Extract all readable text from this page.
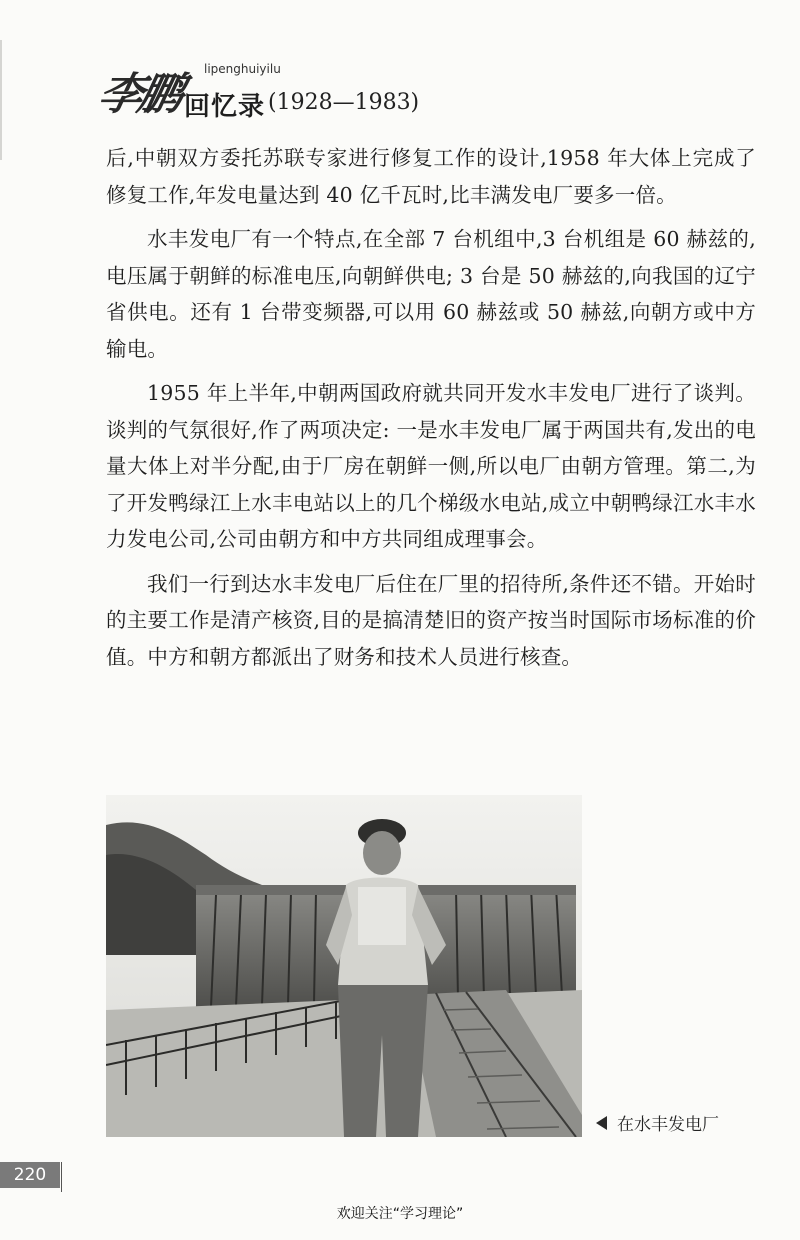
李鹏 lipenghuiyilu
回忆录 (1928—1983)

后,中朝双方委托苏联专家进行修复工作的设计,1958 年大体上完成了修复工作,年发电量达到 40 亿千瓦时,比丰满发电厂要多一倍。

水丰发电厂有一个特点,在全部 7 台机组中,3 台机组是 60 赫兹的,电压属于朝鲜的标准电压,向朝鲜供电; 3 台是 50 赫兹的,向我国的辽宁省供电。还有 1 台带变频器,可以用 60 赫兹或 50 赫兹,向朝方或中方输电。

1955 年上半年,中朝两国政府就共同开发水丰发电厂进行了谈判。谈判的气氛很好,作了两项决定: 一是水丰发电厂属于两国共有,发出的电量大体上对半分配,由于厂房在朝鲜一侧,所以电厂由朝方管理。第二,为了开发鸭绿江上水丰电站以上的几个梯级水电站,成立中朝鸭绿江水丰水力发电公司,公司由朝方和中方共同组成理事会。

我们一行到达水丰发电厂后住在厂里的招待所,条件还不错。开始时的主要工作是清产核资,目的是搞清楚旧的资产按当时国际市场标准的价值。中方和朝方都派出了财务和技术人员进行核查。

在水丰发电厂
220
欢迎关注“学习理论”
